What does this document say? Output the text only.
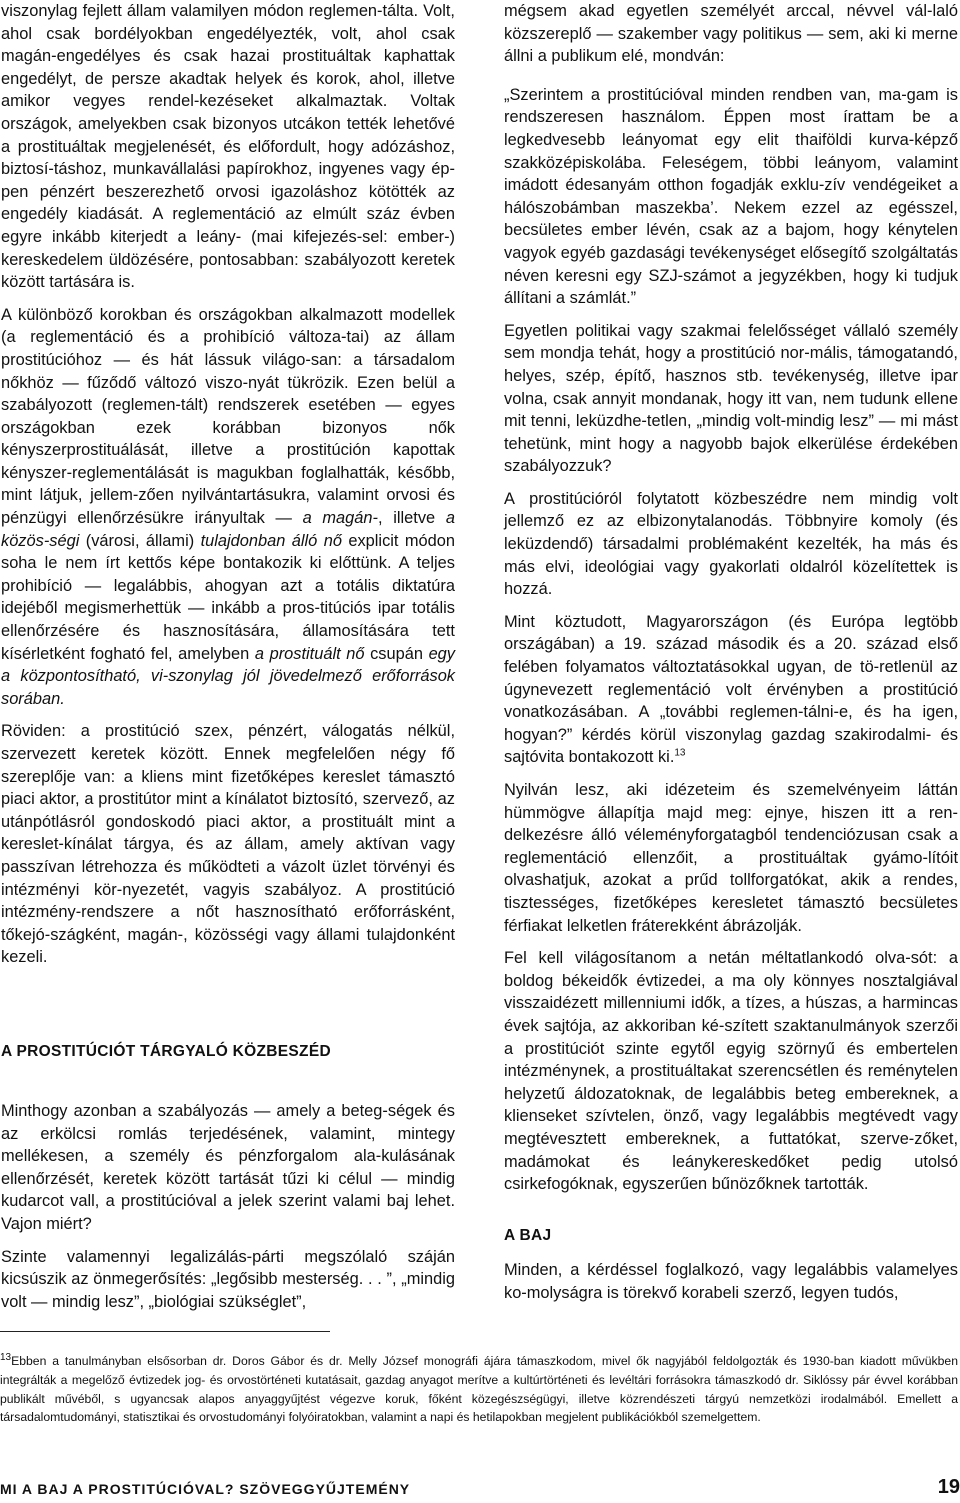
viszonylag fejlett állam valamilyen módon reglemen-tálta. Volt, ahol csak bordélyokban engedélyezték, volt, ahol csak magán-engedélyes és csak hazai prostituáltak kaphattak engedélyt, de persze akadtak helyek és korok, ahol, illetve amikor vegyes rendel-kezéseket alkalmaztak. Voltak országok, amelyekben csak bizonyos utcákon tették lehetővé a prostituáltak megjelenését, és előfordult, hogy adózáshoz, biztosí-táshoz, munkavállalási papírokhoz, ingyenes vagy ép-pen pénzért beszerezhető orvosi igazoláshoz kötötték az engedély kiadását. A reglementáció az elmúlt száz évben egyre inkább kiterjedt a leány- (mai kifejezés-sel: ember-) kereskedelem üldözésére, pontosabban: szabályozott keretek között tartására is.

A különböző korokban és országokban alkalmazott modellek (a reglementáció és a prohibíció változa-tai) az állam prostitúcióhoz — és hát lássuk világo-san: a társadalom nőkhöz — fűződő változó viszo-nyát tükrözik. Ezen belül a szabályozott (reglemen-tált) rendszerek esetében — egyes országokban ezek korábban bizonyos nők kényszerprostituálását, illetve a prostitúción kapottak kényszer-reglementálását is magukban foglalhatták, később, mint látjuk, jellem-zően nyilvántartásukra, valamint orvosi és pénzügyi ellenőrzésükre irányultak — a magán-, illetve a közös-ségi (városi, állami) tulajdonban álló nő explicit módon soha le nem írt kettős képe bontakozik ki előttünk. A teljes prohibíció — legalábbis, ahogyan azt a totális diktatúra idejéből megismerhettük — inkább a pros-titúciós ipar totális ellenőrzésére és hasznosítására, államosítására tett kísérletként fogható fel, amelyben a prostituált nő csupán egy a központosítható, vi-szonylag jól jövedelmező erőforrások sorában.

Röviden: a prostitúció szex, pénzért, válogatás nélkül, szervezett keretek között. Ennek megfelelően négy fő szereplője van: a kliens mint fizetőképes kereslet támasztó piaci aktor, a prostitútor mint a kínálatot biztosító, szervező, az utánpótlásról gondoskodó piaci aktor, a prostituált mint a kereslet-kínálat tárgya, és az állam, amely aktívan vagy passzívan létrehozza és működteti a vázolt üzlet törvényi és intézményi kör-nyezetét, vagyis szabályoz. A prostitúció intézmény-rendszere a nőt hasznosítható erőforrásként, tőkejó-szágként, magán-, közösségi vagy állami tulajdonként kezeli.

A PROSTITÚCIÓT TÁRGYALÓ KÖZBESZÉD

Minthogy azonban a szabályozás — amely a beteg-ségek és az erkölcsi romlás terjedésének, valamint, mintegy mellékesen, a személy és pénzforgalom ala-kulásának ellenőrzését, keretek között tartását tűzi ki célul — mindig kudarcot vall, a prostitúcióval a jelek szerint valami baj lehet. Vajon miért?

Szinte valamennyi legalizálás-párti megszólaló száján kicsúszik az önmegerősítés: „legősibb mesterség. . . ”, „mindig volt — mindig lesz”, „biológiai szükséglet”,

mégsem akad egyetlen személyét arccal, névvel vál-laló közszereplő — szakember vagy politikus — sem, aki ki merne állni a publikum elé, mondván:

„Szerintem a prostitúcióval minden rendben van, ma-gam is rendszeresen használom. Éppen most írattam be a legkedvesebb leányomat egy elit thaiföldi kurva-képző szakközépiskolába. Feleségem, többi leányom, valamint imádott édesanyám otthon fogadják exklu-zív vendégeiket a hálószobámban maszekba’. Nekem ezzel az egésszel, becsületes ember lévén, csak az a bajom, hogy kénytelen vagyok egyéb gazdasági tevékenységet elősegítő szolgáltatás néven keresni egy SZJ-számot a jegyzékben, hogy ki tudjuk állítani a számlát.”

Egyetlen politikai vagy szakmai felelősséget vállaló személy sem mondja tehát, hogy a prostitúció nor-mális, támogatandó, helyes, szép, építő, hasznos stb. tevékenység, illetve ipar volna, csak annyit mondanak, hogy itt van, nem tudunk ellene mit tenni, leküzdhe-tetlen, „mindig volt-mindig lesz” — mi mást tehetünk, mint hogy a nagyobb bajok elkerülése érdekében szabályozzuk?

A prostitúcióról folytatott közbeszédre nem mindig volt jellemző ez az elbizonytalanodás. Többnyire komoly (és leküzdendő) társadalmi problémaként kezelték, ha más és más elvi, ideológiai vagy gyakorlati oldalról közelítettek is hozzá.

Mint köztudott, Magyarországon (és Európa legtöbb országában) a 19. század második és a 20. század első felében folyamatos változtatásokkal ugyan, de tö-retlenül az úgynevezett reglementáció volt érvényben a prostitúció vonatkozásában. A „további reglemen-tálni-e, és ha igen, hogyan?” kérdés körül viszonylag gazdag szakirodalmi- és sajtóvita bontakozott ki.$^{13}$

Nyilván lesz, aki idézeteim és szemelvényeim láttán hümmögve állapítja majd meg: ejnye, hiszen itt a ren-delkezésre álló véleményforgatagból tendenciózusan csak a reglementáció ellenzőit, a prostituáltak gyámo-lítóit olvashatjuk, azokat a prűd tollforgatókat, akik a rendes, tisztességes, fizetőképes keresletet támasztó becsületes férfiakat lelketlen fráterekként ábrázolják.

Fel kell világosítanom a netán méltatlankodó olva-sót: a boldog békeidők évtizedei, a ma oly könnyes nosztalgiával visszaidézett millenniumi idők, a tízes, a húszas, a harmincas évek sajtója, az akkoriban ké-szített szaktanulmányok szerzői a prostitúciót szinte egytől egyig szörnyű és embertelen intézménynek, a prostituáltakat szerencsétlen és reménytelen helyzetű áldozatoknak, de legalábbis beteg embereknek, a klienseket szívtelen, önző, vagy legalábbis megtévedt vagy megtévesztett embereknek, a futtatókat, szerve-zőket, madámokat és leánykereskedőket pedig utolsó csirkefogóknak, egyszerűen bűnözőknek tartották.

A BAJ

Minden, a kérdéssel foglalkozó, vagy legalábbis valamelyes ko-molyságra is törekvő korabeli szerző, legyen tudós,

$^{13}$Ebben a tanulmányban elsősorban dr. Doros Gábor és dr. Melly József monográfi ájára támaszkodom, mivel ők nagyjából feldolgozták és 1930-ban kiadott művükben integrálták a megelőző évtizedek jog- és orvostörténeti kutatásait, gazdag anyagot merítve a kultúrtörténeti és levéltári forrásokra támaszkodó dr. Siklóssy pár évvel korábban publikált művéből, s ugyancsak alapos anyaggyűjtést végezve koruk, főként közegészségügyi, illetve közrendészeti tárgyú nemzetközi irodalmából. Emellett a társadalomtudományi, statisztikai és orvostudományi folyóiratokban, valamint a napi és hetilapokban megjelent publikációkból szemelgettem.

MI A BAJ A PROSTITÚCIÓVAL? SZÖVEGGYŰJTEMÉNY	19
